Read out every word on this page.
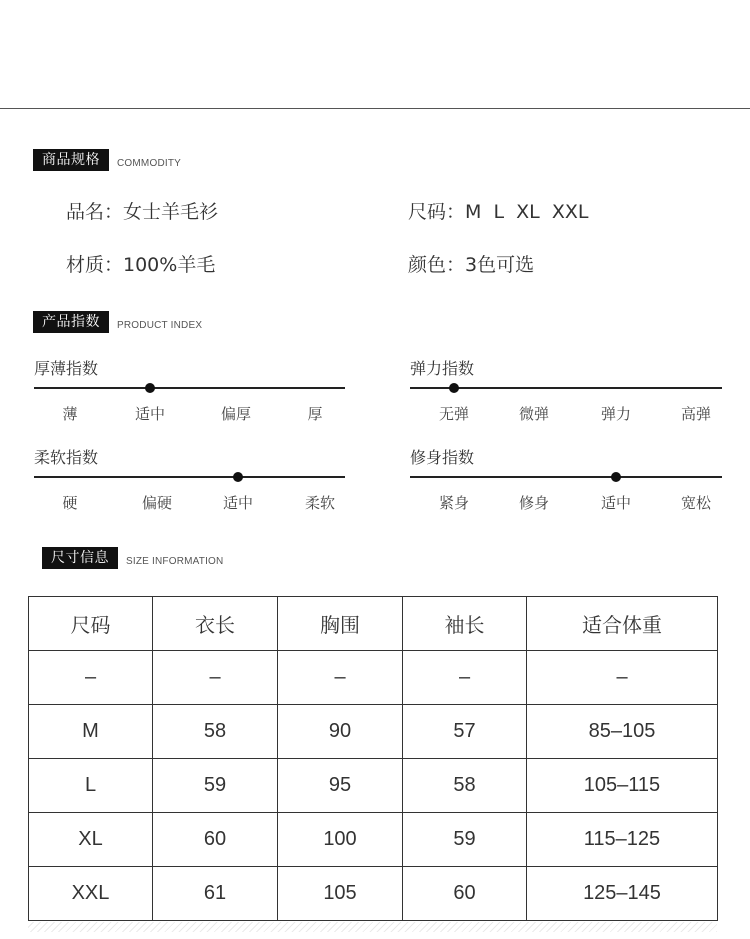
商品规格	COMMODITY
品名：女士羊毛衫	尺码：M  L  XL  XXL
材质：100%羊毛	颜色：3色可选
产品指数	PRODUCT INDEX
厚薄指数
薄	适中	偏厚	厚
弹力指数
无弹	微弹	弹力	高弹
柔软指数
硬	偏硬	适中	柔软
修身指数
紧身	修身	适中	宽松
尺寸信息	SIZE INFORMATION
尺码	衣长	胸围	袖长	适合体重
–	–	–	–	–
M	58	90	57	85–105
L	59	95	58	105–115
XL	60	100	59	115–125
XXL	61	105	60	125–145
